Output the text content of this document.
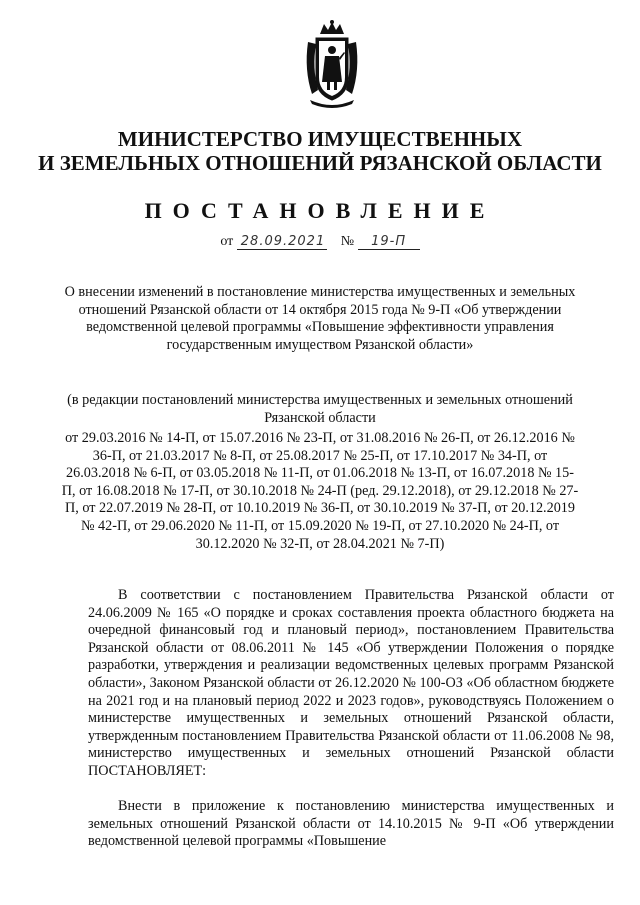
МИНИСТЕРСТВО ИМУЩЕСТВЕННЫХ
И ЗЕМЕЛЬНЫХ ОТНОШЕНИЙ РЯЗАНСКОЙ ОБЛАСТИ
ПОСТАНОВЛЕНИЕ
от 28.09.2021 № 19-П

О внесении изменений в постановление министерства имущественных и земельных отношений Рязанской области от 14 октября 2015 года № 9-П «Об утверждении ведомственной целевой программы «Повышение эффективности управления государственным имуществом Рязанской области»

(в редакции постановлений министерства имущественных и земельных отношений Рязанской области

от 29.03.2016 № 14-П, от 15.07.2016 № 23-П, от 31.08.2016 № 26-П, от 26.12.2016 № 36-П, от 21.03.2017 № 8-П, от 25.08.2017 № 25-П, от 17.10.2017 № 34-П, от 26.03.2018 № 6-П, от 03.05.2018 № 11-П, от 01.06.2018 № 13-П, от 16.07.2018 № 15-П, от 16.08.2018 № 17-П, от 30.10.2018 № 24-П (ред. 29.12.2018), от 29.12.2018 № 27-П, от 22.07.2019 № 28-П, от 10.10.2019 № 36-П, от 30.10.2019 № 37-П, от 20.12.2019 № 42-П, от 29.06.2020 № 11-П, от 15.09.2020 № 19-П, от 27.10.2020 № 24-П, от 30.12.2020 № 32-П, от 28.04.2021 № 7-П)

В соответствии с постановлением Правительства Рязанской области от 24.06.2009 № 165 «О порядке и сроках составления проекта областного бюджета на очередной финансовый год и плановый период», постановлением Правительства Рязанской области от 08.06.2011 № 145 «Об утверждении Положения о порядке разработки, утверждения и реализации ведомственных целевых программ Рязанской области», Законом Рязанской области от 26.12.2020 № 100-ОЗ «Об областном бюджете на 2021 год и на плановый период 2022 и 2023 годов», руководствуясь Положением о министерстве имущественных и земельных отношений Рязанской области, утвержденным постановлением Правительства Рязанской области от 11.06.2008 № 98, министерство имущественных и земельных отношений Рязанской области ПОСТАНОВЛЯЕТ:

Внести в приложение к постановлению министерства имущественных и земельных отношений Рязанской области от 14.10.2015 № 9-П «Об утверждении ведомственной целевой программы «Повышение
